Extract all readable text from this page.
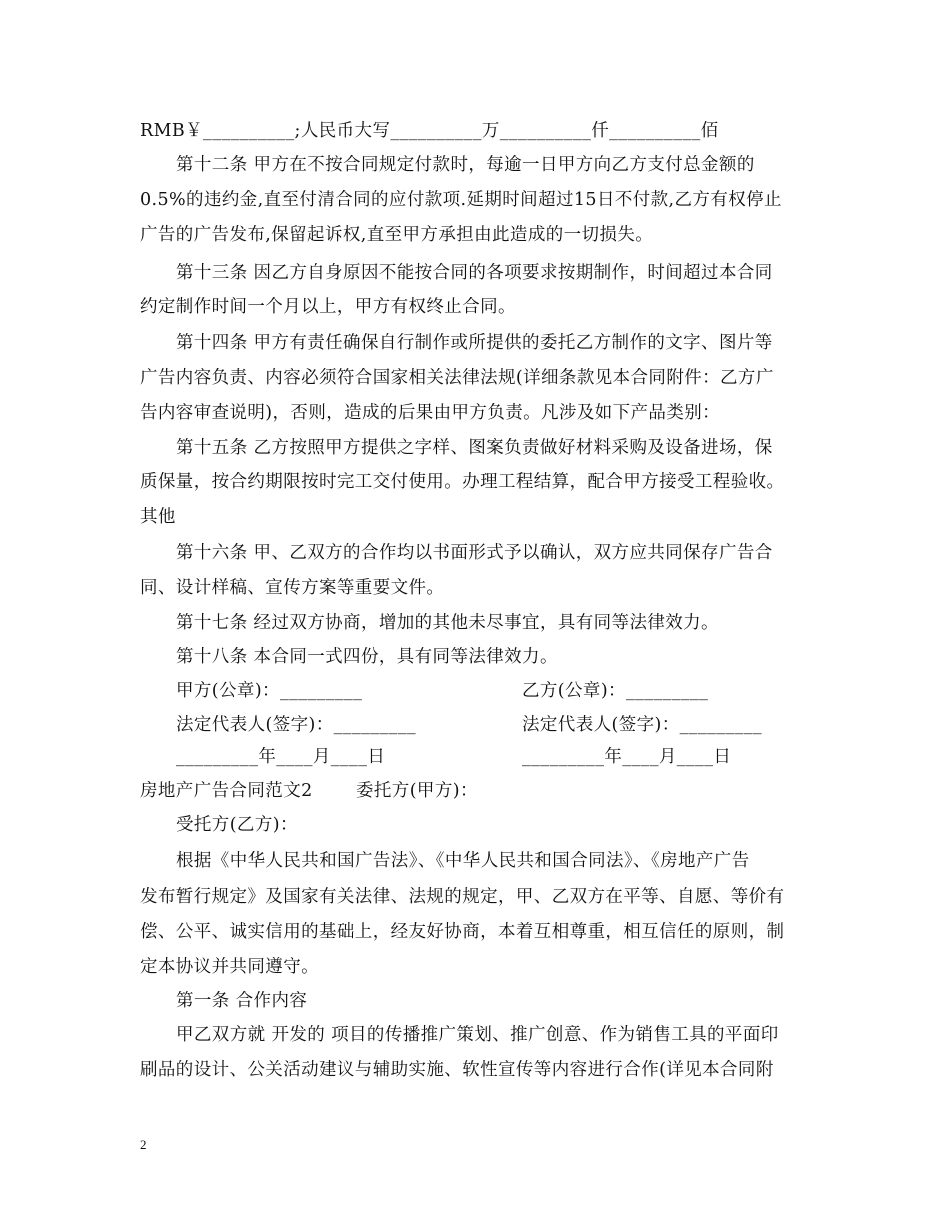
RMB￥__________;人民币大写__________万__________仟__________佰
第十二条 甲方在不按合同规定付款时，每逾一日甲方向乙方支付总金额的
0.5%的违约金,直至付清合同的应付款项.延期时间超过15日不付款,乙方有权停止
广告的广告发布,保留起诉权,直至甲方承担由此造成的一切损失。
第十三条 因乙方自身原因不能按合同的各项要求按期制作，时间超过本合同
约定制作时间一个月以上，甲方有权终止合同。
第十四条 甲方有责任确保自行制作或所提供的委托乙方制作的文字、图片等
广告内容负责、内容必须符合国家相关法律法规(详细条款见本合同附件：乙方广
告内容审查说明)，否则，造成的后果由甲方负责。凡涉及如下产品类别：
第十五条 乙方按照甲方提供之字样、图案负责做好材料采购及设备进场，保
质保量，按合约期限按时完工交付使用。办理工程结算，配合甲方接受工程验收。
其他
第十六条 甲、乙双方的合作均以书面形式予以确认，双方应共同保存广告合
同、设计样稿、宣传方案等重要文件。
第十七条 经过双方协商，增加的其他未尽事宜，具有同等法律效力。
第十八条 本合同一式四份，具有同等法律效力。
甲方(公章)：_________	乙方(公章)：_________
法定代表人(签字)：_________	法定代表人(签字)：_________
_________年____月____日	_________年____月____日
房地产广告合同范文2 委托方(甲方)：
受托方(乙方)：
根据《中华人民共和国广告法》、《中华人民共和国合同法》、《房地产广告
发布暂行规定》及国家有关法律、法规的规定，甲、乙双方在平等、自愿、等价有
偿、公平、诚实信用的基础上，经友好协商，本着互相尊重，相互信任的原则，制
定本协议并共同遵守。
第一条 合作内容
甲乙双方就 开发的 项目的传播推广策划、推广创意、作为销售工具的平面印
刷品的设计、公关活动建议与辅助实施、软性宣传等内容进行合作(详见本合同附
2
